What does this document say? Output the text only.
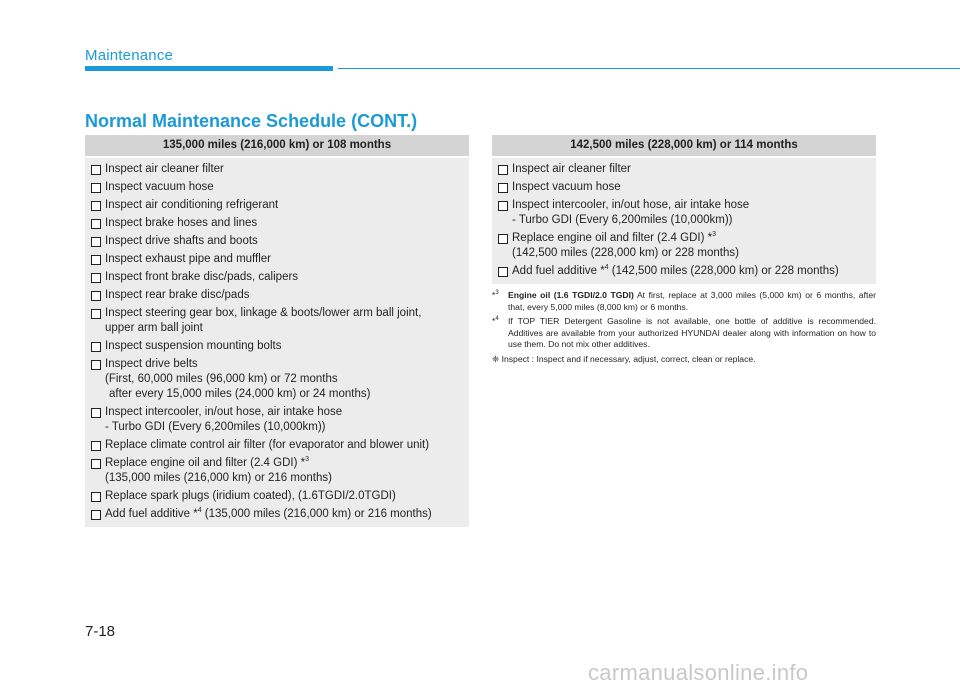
Maintenance
Normal Maintenance Schedule (CONT.)
135,000 miles (216,000 km) or 108 months
Inspect air cleaner filter
Inspect vacuum hose
Inspect air conditioning refrigerant
Inspect brake hoses and lines
Inspect drive shafts and boots
Inspect exhaust pipe and muffler
Inspect front brake disc/pads, calipers
Inspect rear brake disc/pads
Inspect steering gear box, linkage & boots/lower arm ball joint,
upper arm ball joint
Inspect suspension mounting bolts
Inspect drive belts
(First, 60,000 miles (96,000 km) or 72 months
after every 15,000 miles (24,000 km) or 24 months)
Inspect intercooler, in/out hose, air intake hose
- Turbo GDI (Every 6,200miles (10,000km))
Replace climate control air filter (for evaporator and blower unit)
Replace engine oil and filter (2.4 GDI) *$^3$
(135,000 miles (216,000 km) or 216 months)
Replace spark plugs (iridium coated), (1.6TGDI/2.0TGDI)
Add fuel additive *$^4$ (135,000 miles (216,000 km) or 216 months)
142,500 miles (228,000 km) or 114 months
Inspect air cleaner filter
Inspect vacuum hose
Inspect intercooler, in/out hose, air intake hose
- Turbo GDI (Every 6,200miles (10,000km))
Replace engine oil and filter (2.4 GDI) *$^3$
(142,500 miles (228,000 km) or 228 months)
Add fuel additive *$^4$ (142,500 miles (228,000 km) or 228 months)
*$^3$	Engine oil (1.6 TGDI/2.0 TGDI) At first, replace at 3,000 miles (5,000 km) or 6 months, after that, every 5,000 miles (8,000 km) or 6 months.
*$^4$	If TOP TIER Detergent Gasoline is not available, one bottle of additive is recommended. Additives are available from your authorized HYUNDAI dealer along with information on how to use them. Do not mix other additives.
❈ Inspect : Inspect and if necessary, adjust, correct, clean or replace.
7-18
carmanualsonline.info
